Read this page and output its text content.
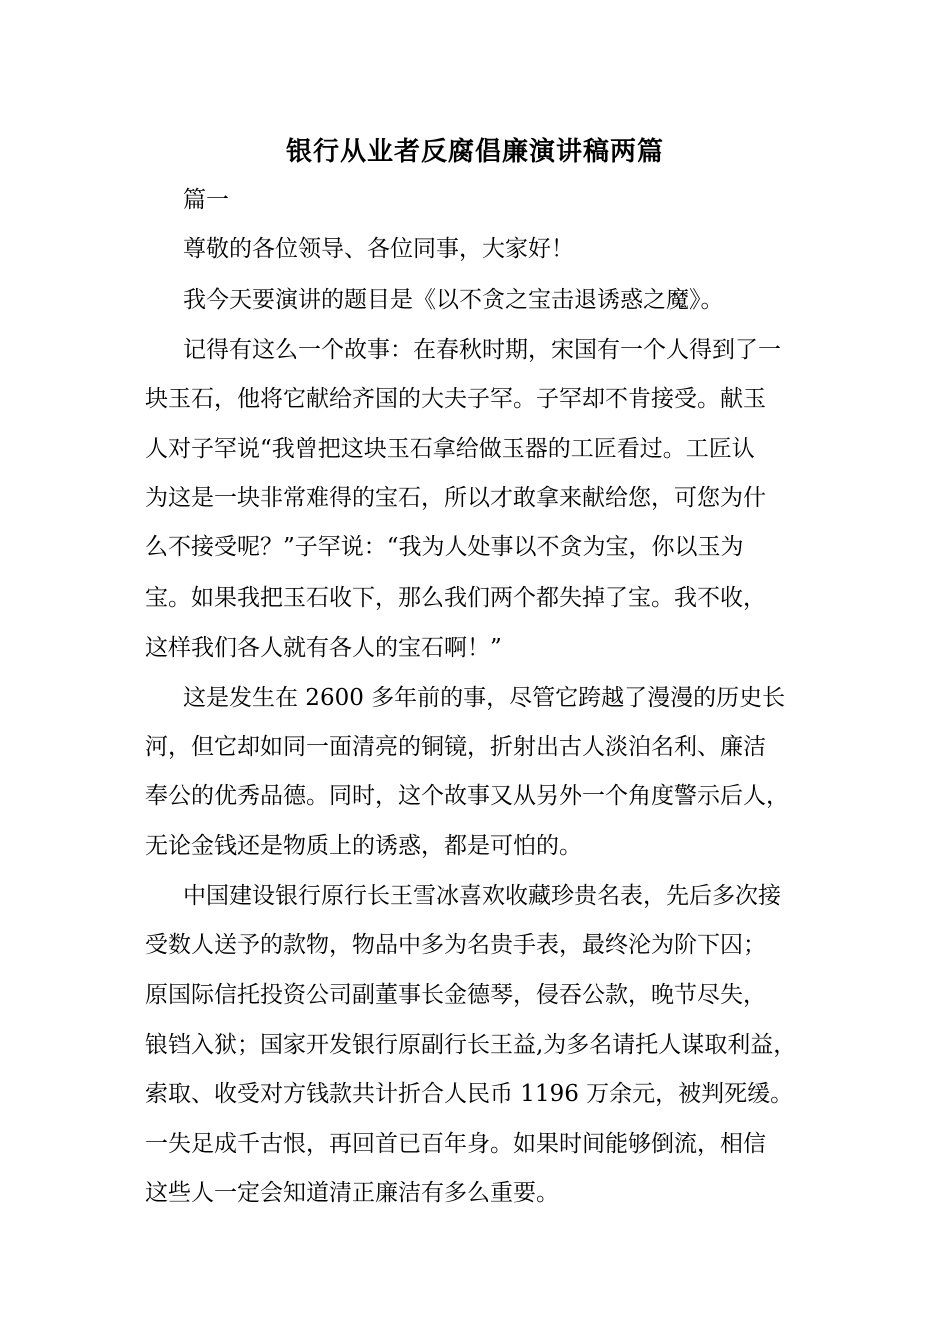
银行从业者反腐倡廉演讲稿两篇

篇一

尊敬的各位领导、各位同事，大家好！

我今天要演讲的题目是《以不贪之宝击退诱惑之魔》。

记得有这么一个故事：在春秋时期，宋国有一个人得到了一

块玉石，他将它献给齐国的大夫子罕。子罕却不肯接受。献玉

人对子罕说“我曾把这块玉石拿给做玉器的工匠看过。工匠认

为这是一块非常难得的宝石，所以才敢拿来献给您，可您为什

么不接受呢？”子罕说：“我为人处事以不贪为宝，你以玉为

宝。如果我把玉石收下，那么我们两个都失掉了宝。我不收，

这样我们各人就有各人的宝石啊！”

这是发生在 2600 多年前的事，尽管它跨越了漫漫的历史长

河，但它却如同一面清亮的铜镜，折射出古人淡泊名利、廉洁

奉公的优秀品德。同时，这个故事又从另外一个角度警示后人，

无论金钱还是物质上的诱惑，都是可怕的。

中国建设银行原行长王雪冰喜欢收藏珍贵名表，先后多次接

受数人送予的款物，物品中多为名贵手表，最终沦为阶下囚；

原国际信托投资公司副董事长金德琴，侵吞公款，晚节尽失，

锒铛入狱；国家开发银行原副行长王益,为多名请托人谋取利益，

索取、收受对方钱款共计折合人民币 1196 万余元，被判死缓。

一失足成千古恨，再回首已百年身。如果时间能够倒流，相信

这些人一定会知道清正廉洁有多么重要。
